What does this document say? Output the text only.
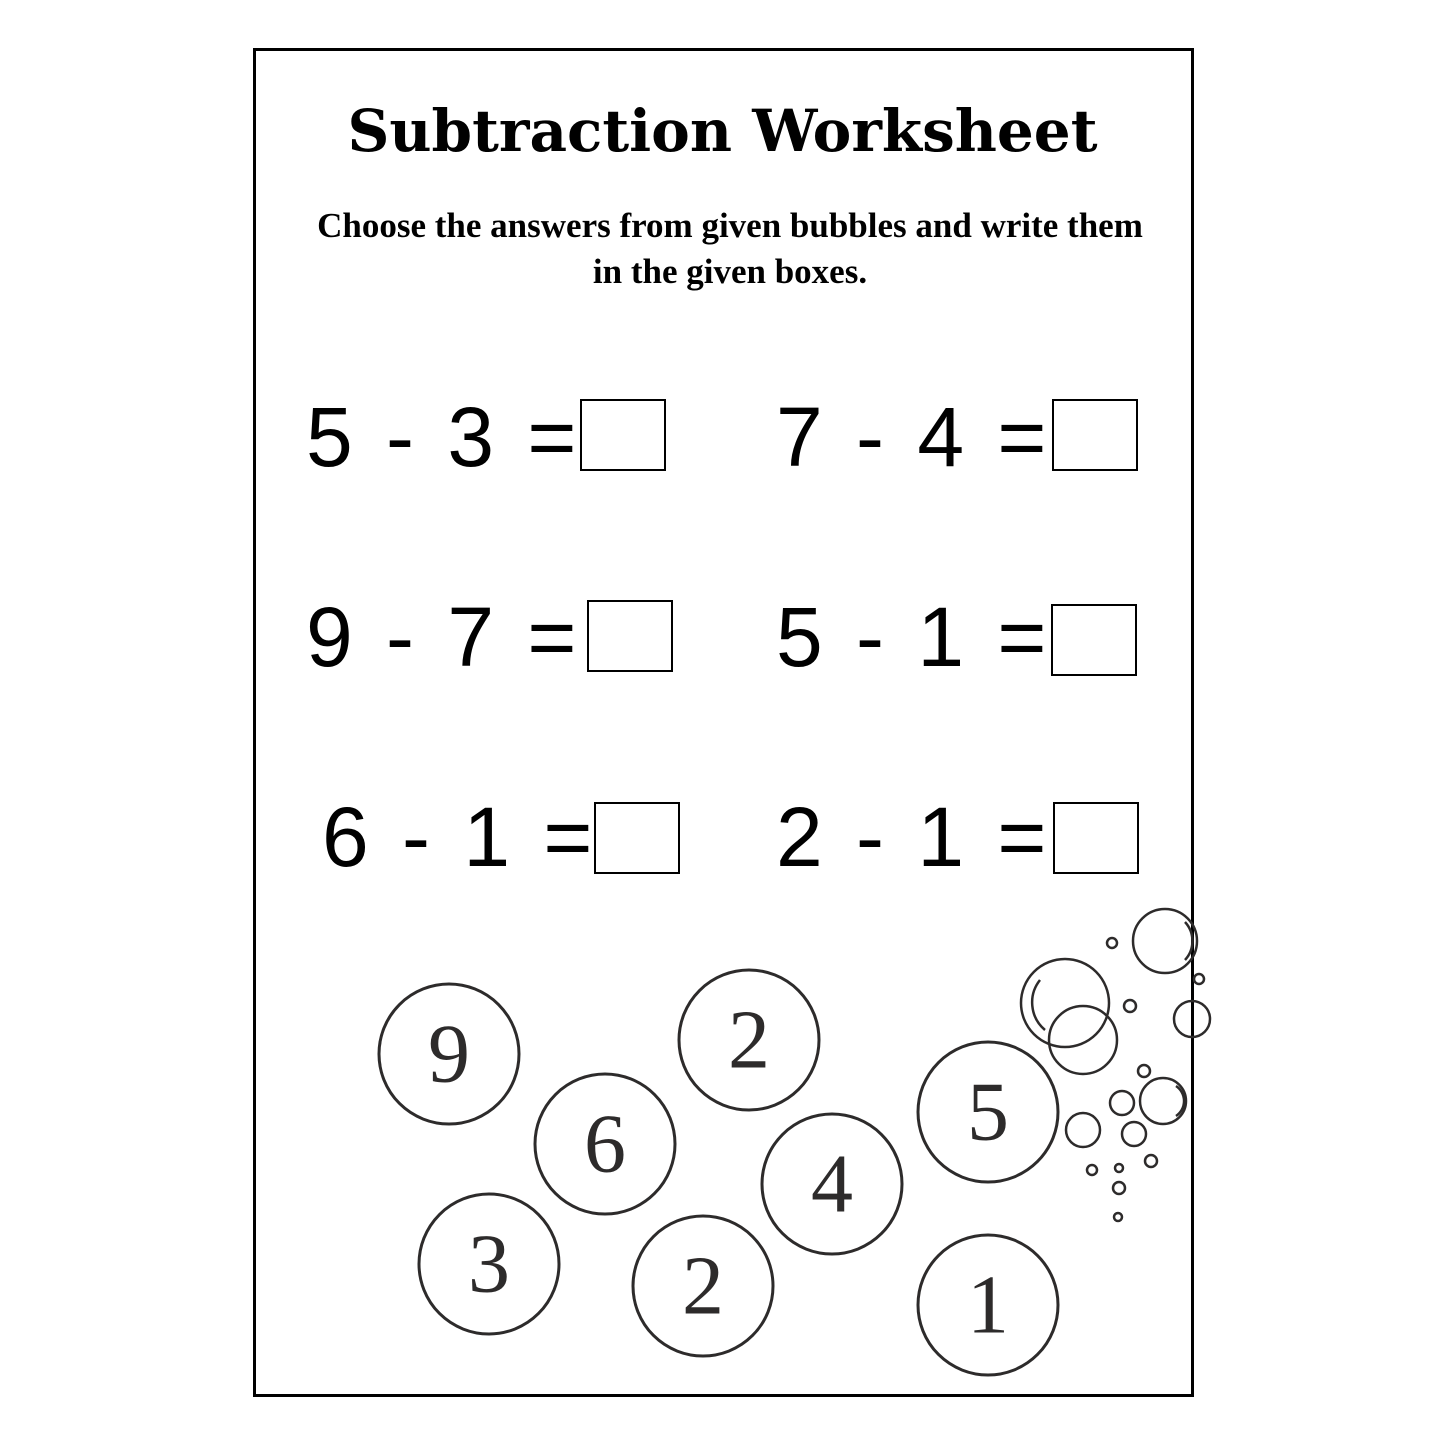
Subtraction Worksheet

Choose the answers from given bubbles and write them in the given boxes.

5 - 3 = 7 - 4 =
9 - 7 = 5 - 1 =
6 - 1 = 2 - 1 =
9	2
6	5
4
3 2	1
